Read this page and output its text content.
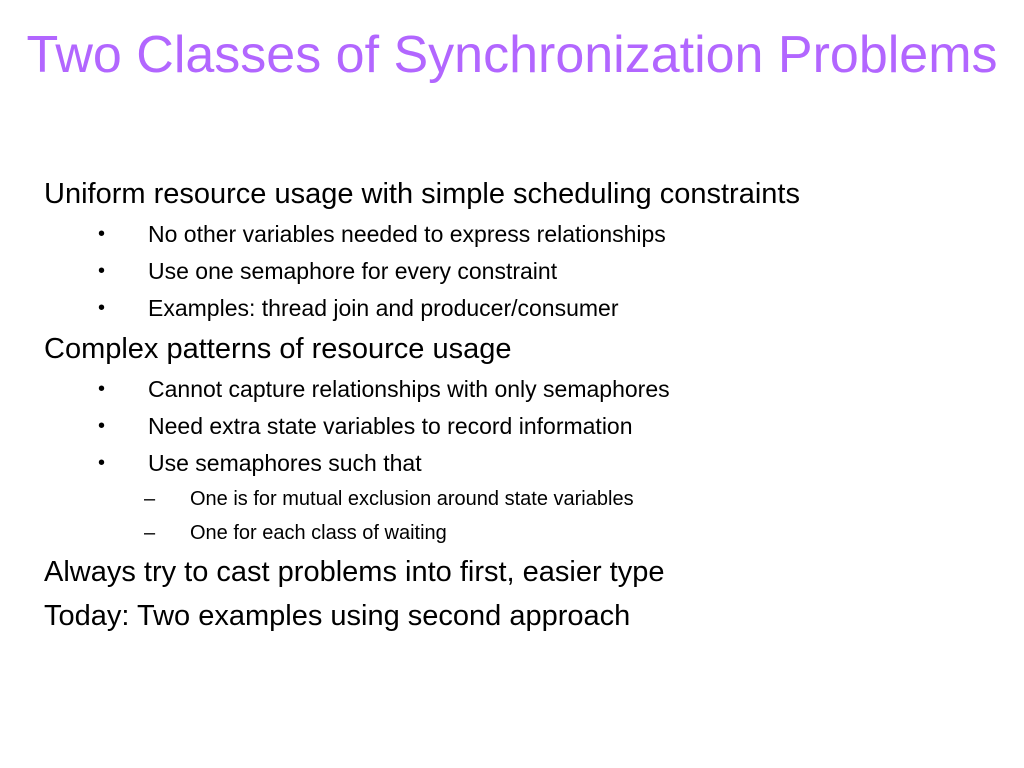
Two Classes of Synchronization Problems
Uniform resource usage with simple scheduling constraints
• No other variables needed to express relationships
• Use one semaphore for every constraint
• Examples: thread join and producer/consumer
Complex patterns of resource usage
• Cannot capture relationships with only semaphores
• Need extra state variables to record information
• Use semaphores such that
– One is for mutual exclusion around state variables
– One for each class of waiting
Always try to cast problems into first, easier type
Today: Two examples using second approach
